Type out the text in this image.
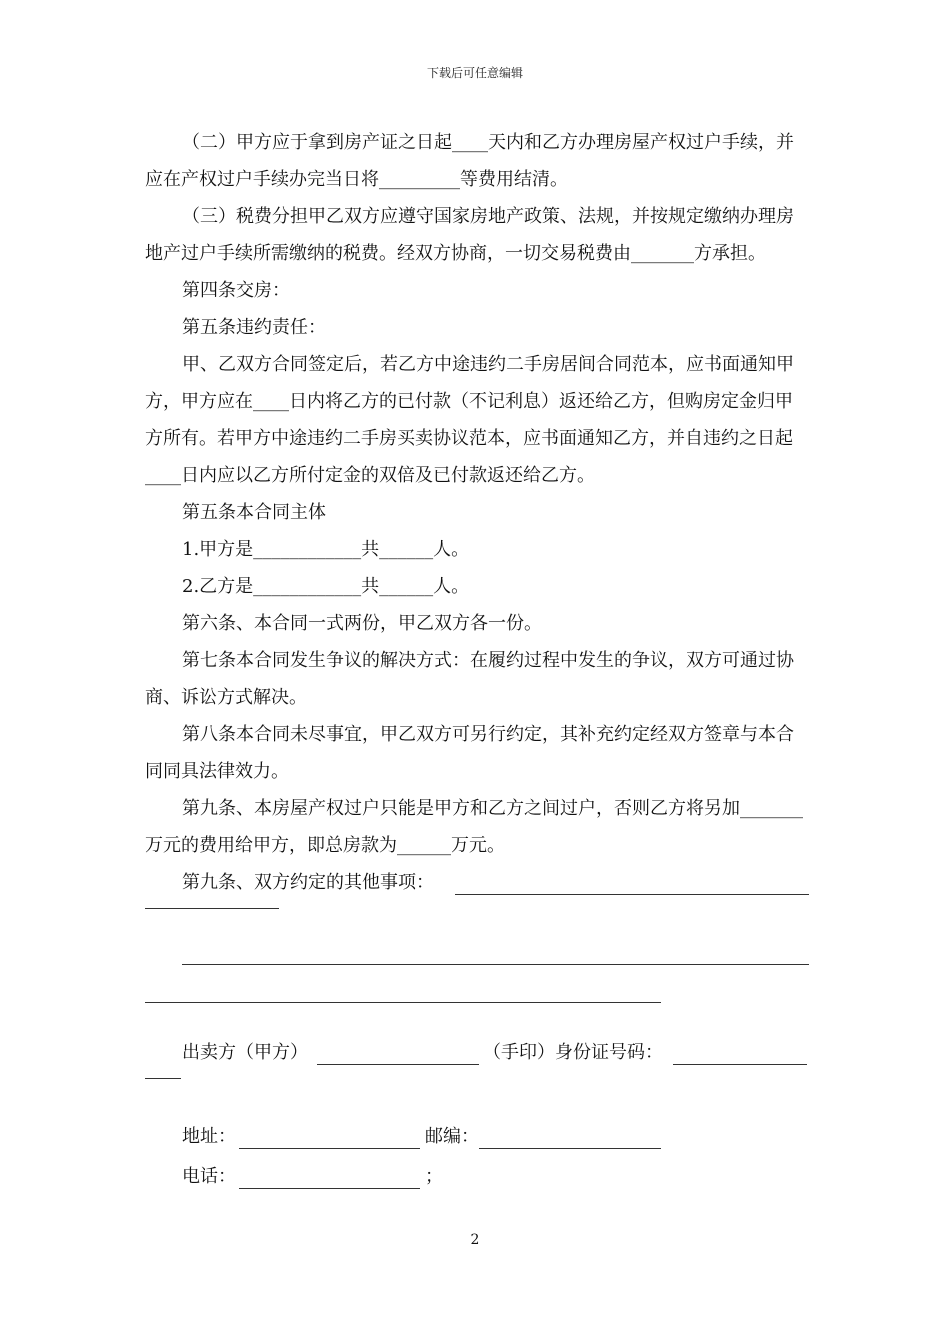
下载后可任意编辑

（二）甲方应于拿到房产证之日起____天内和乙方办理房屋产权过户手续，并应在产权过户手续办完当日将_________等费用结清。

（三）税费分担甲乙双方应遵守国家房地产政策、法规，并按规定缴纳办理房地产过户手续所需缴纳的税费。经双方协商，一切交易税费由_______方承担。

第四条交房：

第五条违约责任：

甲、乙双方合同签定后，若乙方中途违约二手房居间合同范本，应书面通知甲方，甲方应在____日内将乙方的已付款（不记利息）返还给乙方，但购房定金归甲方所有。若甲方中途违约二手房买卖协议范本，应书面通知乙方，并自违约之日起____日内应以乙方所付定金的双倍及已付款返还给乙方。

第五条本合同主体

1.甲方是____________共______人。

2.乙方是____________共______人。

第六条、本合同一式两份，甲乙双方各一份。

第七条本合同发生争议的解决方式：在履约过程中发生的争议，双方可通过协商、诉讼方式解决。

第八条本合同未尽事宜，甲乙双方可另行约定，其补充约定经双方签章与本合同同具法律效力。

第九条、本房屋产权过户只能是甲方和乙方之间过户，否则乙方将另加_______万元的费用给甲方，即总房款为______万元。

第九条、双方约定的其他事项：
出卖方（甲方）	（手印）身份证号码：
地址：	邮编：
电话：	；
2
